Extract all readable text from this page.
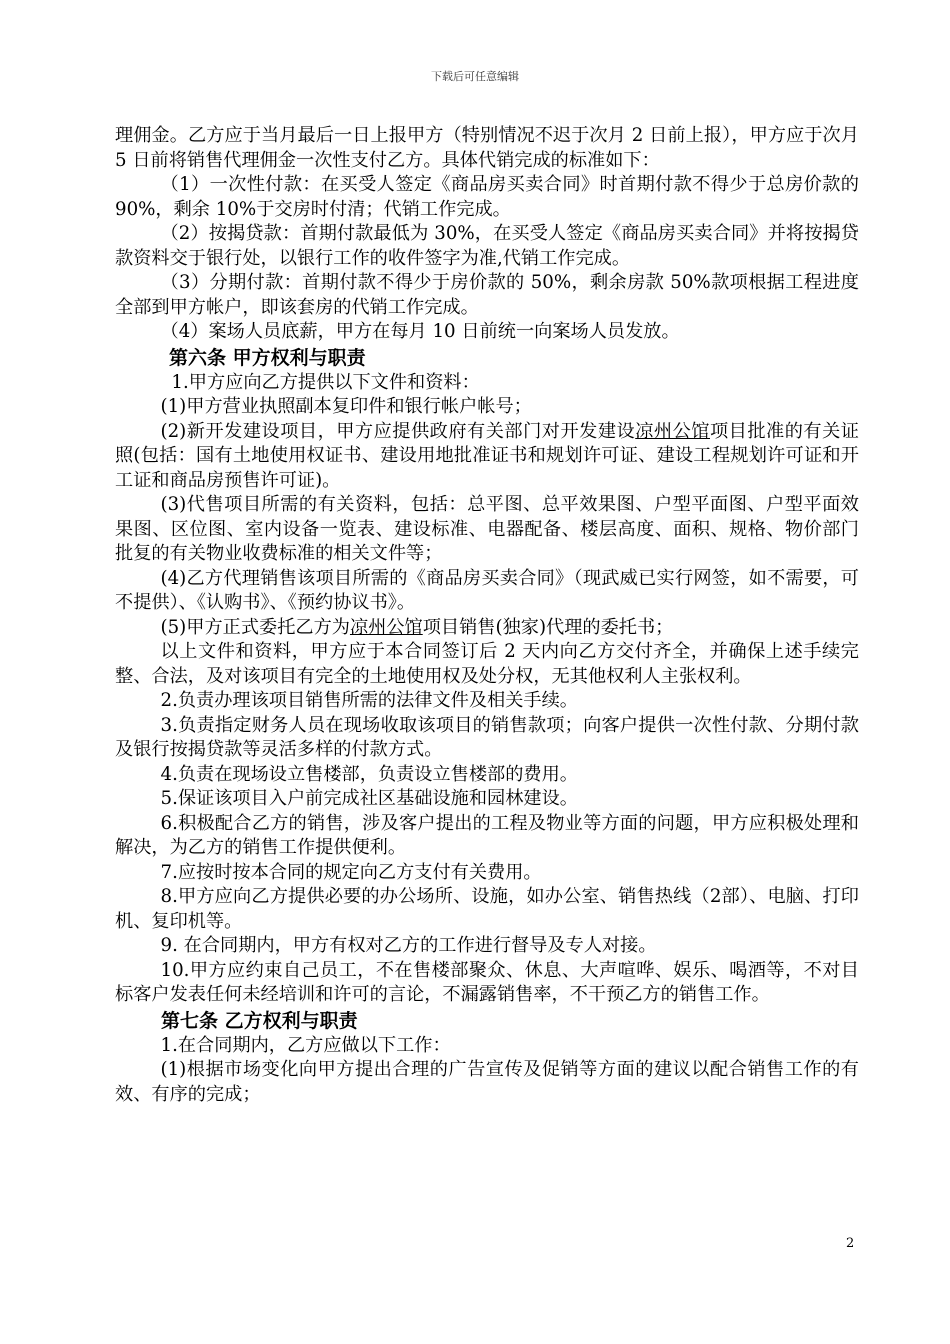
下载后可任意编辑

理佣金。乙方应于当月最后一日上报甲方（特别情况不迟于次月 2 日前上报），甲方应于次月 5 日前将销售代理佣金一次性支付乙方。具体代销完成的标准如下：

（1）一次性付款：在买受人签定《商品房买卖合同》时首期付款不得少于总房价款的 90%，剩余 10%于交房时付清；代销工作完成。

（2）按揭贷款：首期付款最低为 30%，在买受人签定《商品房买卖合同》并将按揭贷款资料交于银行处，以银行工作的收件签字为准,代销工作完成。

（3）分期付款：首期付款不得少于房价款的 50%，剩余房款 50%款项根据工程进度全部到甲方帐户，即该套房的代销工作完成。

（4）案场人员底薪，甲方在每月 10 日前统一向案场人员发放。

第六条 甲方权利与职责

1.甲方应向乙方提供以下文件和资料：

(1)甲方营业执照副本复印件和银行帐户帐号；

(2)新开发建设项目，甲方应提供政府有关部门对开发建设凉州公馆项目批准的有关证照(包括：国有土地使用权证书、建设用地批准证书和规划许可证、建设工程规划许可证和开工证和商品房预售许可证)。

(3)代售项目所需的有关资料，包括：总平图、总平效果图、户型平面图、户型平面效果图、区位图、室内设备一览表、建设标准、电器配备、楼层高度、面积、规格、物价部门批复的有关物业收费标准的相关文件等；

(4)乙方代理销售该项目所需的《商品房买卖合同》（现武威已实行网签，如不需要，可不提供）、《认购书》、《预约协议书》。

(5)甲方正式委托乙方为凉州公馆项目销售(独家)代理的委托书；

以上文件和资料，甲方应于本合同签订后 2 天内向乙方交付齐全，并确保上述手续完整、合法，及对该项目有完全的土地使用权及处分权，无其他权利人主张权利。

2.负责办理该项目销售所需的法律文件及相关手续。

3.负责指定财务人员在现场收取该项目的销售款项；向客户提供一次性付款、分期付款及银行按揭贷款等灵活多样的付款方式。

4.负责在现场设立售楼部，负责设立售楼部的费用。

5.保证该项目入户前完成社区基础设施和园林建设。

6.积极配合乙方的销售，涉及客户提出的工程及物业等方面的问题，甲方应积极处理和解决，为乙方的销售工作提供便利。

7.应按时按本合同的规定向乙方支付有关费用。

8.甲方应向乙方提供必要的办公场所、设施，如办公室、销售热线（2部）、电脑、打印机、复印机等。

9. 在合同期内，甲方有权对乙方的工作进行督导及专人对接。

10.甲方应约束自己员工，不在售楼部聚众、休息、大声喧哗、娱乐、喝酒等，不对目标客户发表任何未经培训和许可的言论，不漏露销售率，不干预乙方的销售工作。

第七条 乙方权利与职责

1.在合同期内，乙方应做以下工作：

(1)根据市场变化向甲方提出合理的广告宣传及促销等方面的建议以配合销售工作的有效、有序的完成；

2
